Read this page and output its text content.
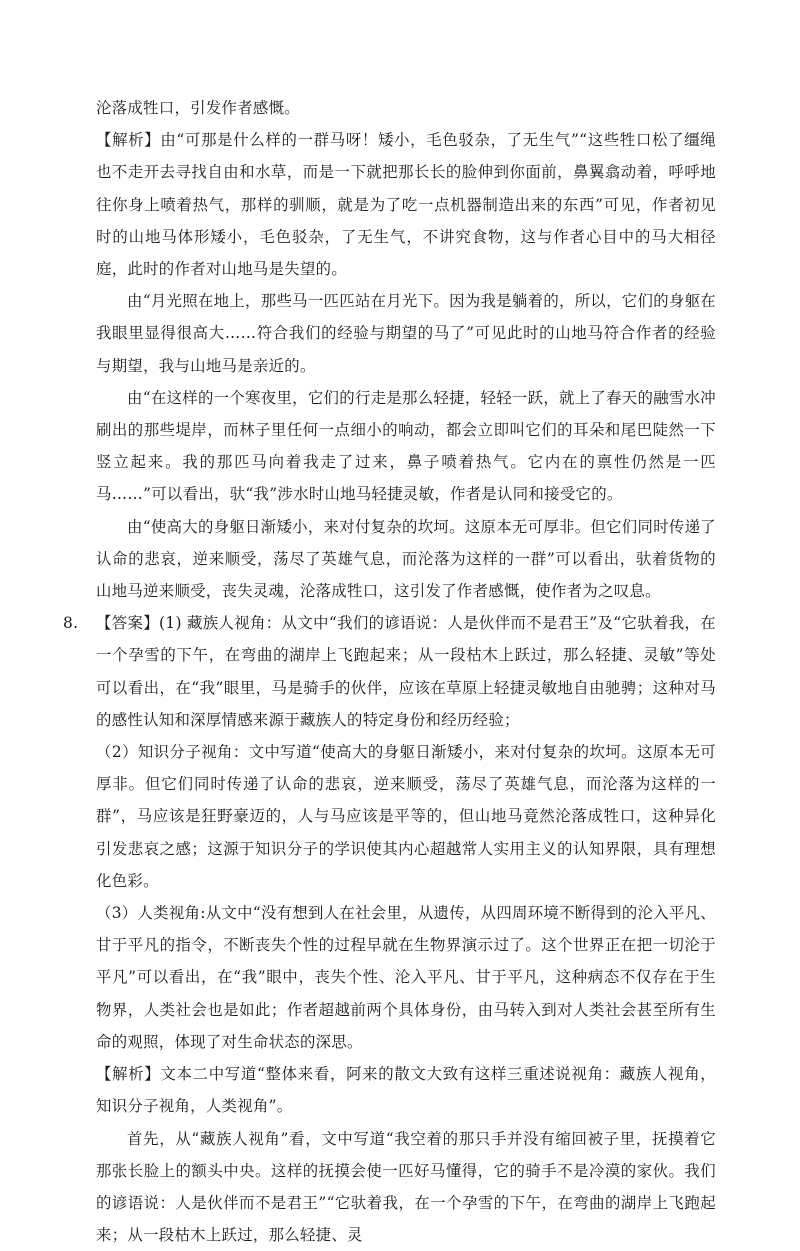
沦落成牲口，引发作者感慨。

【解析】由“可那是什么样的一群马呀！矮小，毛色驳杂，了无生气”“这些牲口松了缰绳也不走开去寻找自由和水草，而是一下就把那长长的脸伸到你面前，鼻翼翕动着，呼呼地往你身上喷着热气，那样的驯顺，就是为了吃一点机器制造出来的东西”可见，作者初见时的山地马体形矮小，毛色驳杂，了无生气，不讲究食物，这与作者心目中的马大相径庭，此时的作者对山地马是失望的。

由“月光照在地上，那些马一匹匹站在月光下。因为我是躺着的，所以，它们的身躯在我眼里显得很高大……符合我们的经验与期望的马了”可见此时的山地马符合作者的经验与期望，我与山地马是亲近的。

由“在这样的一个寒夜里，它们的行走是那么轻捷，轻轻一跃，就上了春天的融雪水冲刷出的那些堤岸，而林子里任何一点细小的响动，都会立即叫它们的耳朵和尾巴陡然一下竖立起来。我的那匹马向着我走了过来，鼻子喷着热气。它内在的禀性仍然是一匹马……”可以看出，驮“我”涉水时山地马轻捷灵敏，作者是认同和接受它的。

由“使高大的身躯日渐矮小，来对付复杂的坎坷。这原本无可厚非。但它们同时传递了认命的悲哀，逆来顺受，荡尽了英雄气息，而沦落为这样的一群”可以看出，驮着货物的山地马逆来顺受，丧失灵魂，沦落成牲口，这引发了作者感慨，使作者为之叹息。

8. 【答案】(1) 藏族人视角：从文中“我们的谚语说：人是伙伴而不是君王”及“它驮着我，在一个孕雪的下午，在弯曲的湖岸上飞跑起来；从一段枯木上跃过，那么轻捷、灵敏”等处可以看出，在“我”眼里，马是骑手的伙伴，应该在草原上轻捷灵敏地自由驰骋；这种对马的感性认知和深厚情感来源于藏族人的特定身份和经历经验；

（2）知识分子视角：文中写道“使高大的身躯日渐矮小，来对付复杂的坎坷。这原本无可厚非。但它们同时传递了认命的悲哀，逆来顺受，荡尽了英雄气息，而沦落为这样的一群”，马应该是狂野豪迈的，人与马应该是平等的，但山地马竟然沦落成牲口，这种异化引发悲哀之感；这源于知识分子的学识使其内心超越常人实用主义的认知界限，具有理想化色彩。

（3）人类视角:从文中“没有想到人在社会里，从遗传，从四周环境不断得到的沦入平凡、甘于平凡的指令，不断丧失个性的过程早就在生物界演示过了。这个世界正在把一切沦于平凡”可以看出，在“我”眼中，丧失个性、沦入平凡、甘于平凡，这种病态不仅存在于生物界，人类社会也是如此；作者超越前两个具体身份，由马转入到对人类社会甚至所有生命的观照，体现了对生命状态的深思。

【解析】文本二中写道“整体来看，阿来的散文大致有这样三重述说视角：藏族人视角，知识分子视角，人类视角”。

首先，从“藏族人视角”看，文中写道“我空着的那只手并没有缩回被子里，抚摸着它那张长脸上的额头中央。这样的抚摸会使一匹好马懂得，它的骑手不是冷漠的家伙。我们的谚语说：人是伙伴而不是君王”“它驮着我，在一个孕雪的下午，在弯曲的湖岸上飞跑起来；从一段枯木上跃过，那么轻捷、灵
